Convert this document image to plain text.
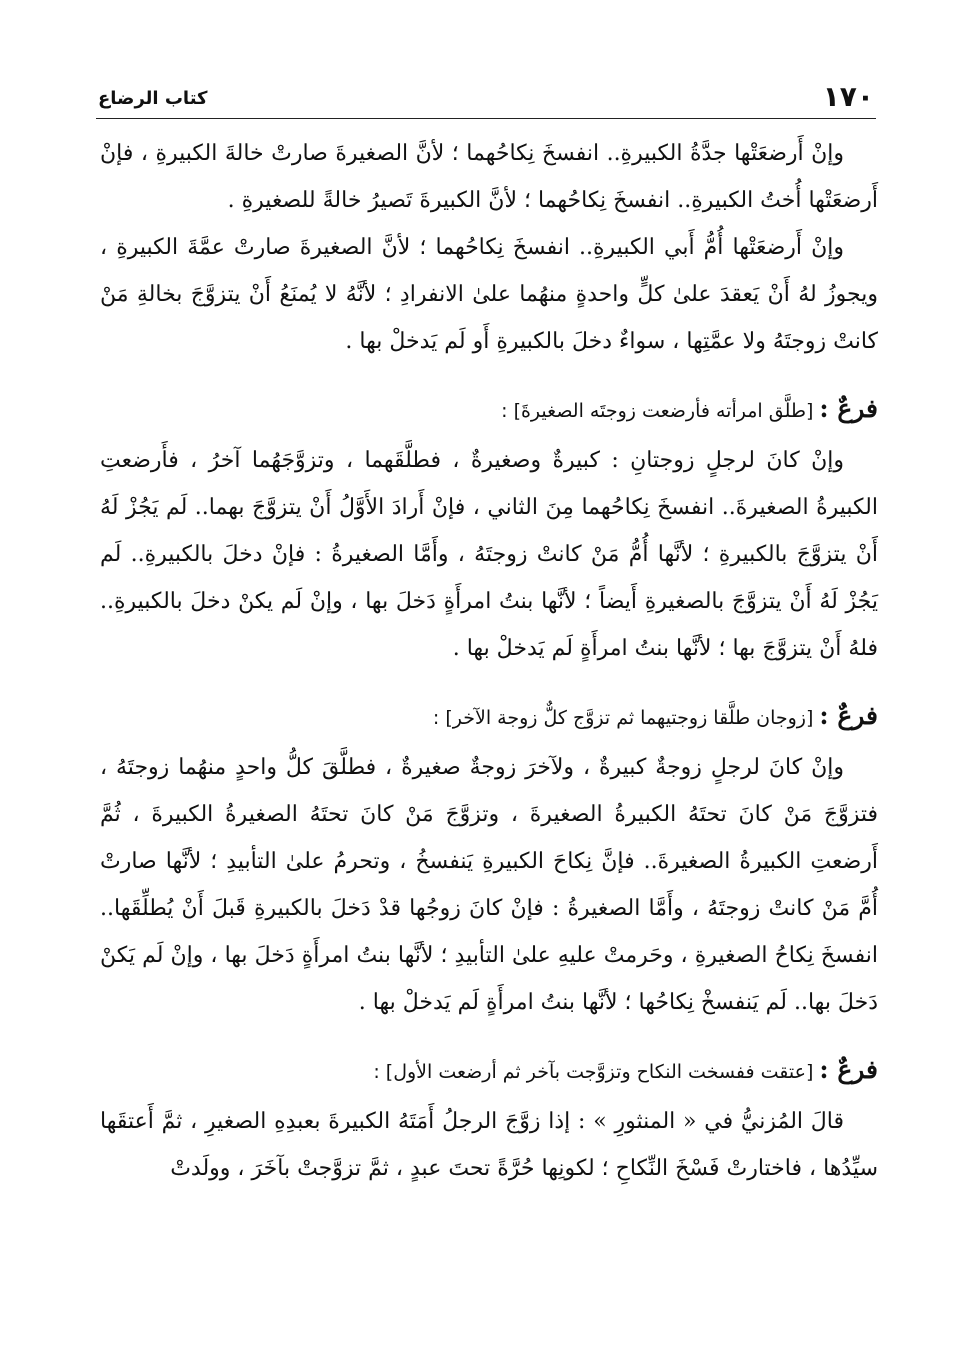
١٧٠
كتاب الرضاع

وإنْ أَرضعَتْها جدَّةُ الكبيرةِ.. انفسخَ نِكاحُهما ؛ لأنَّ الصغيرةَ صارتْ خالةَ الكبيرةِ ، فإنْ أَرضعَتْها أُختُ الكبيرةِ.. انفسخَ نِكاحُهما ؛ لأنَّ الكبيرةَ تَصيرُ خالةً للصغيرةِ .

وإنْ أَرضعَتْها أُمُّ أَبي الكبيرةِ.. انفسخَ نِكاحُهما ؛ لأنَّ الصغيرةَ صارتْ عمَّةَ الكبيرةِ ، ويجوزُ لهُ أَنْ يَعقدَ علىٰ كلٍّ واحدةٍ منهُما علىٰ الانفرادِ ؛ لأنَّهُ لا يُمنَعُ أَنْ يتزوَّجَ بخالةِ مَنْ كانتْ زوجتَهُ ولا عمَّتِها ، سواءٌ دخلَ بالكبيرةِ أَو لَم يَدخلْ بها .

فرعٌ :[طلَّق امرأته فأرضعت زوجتَه الصغيرةَ] :

وإنْ كانَ لرجلٍ زوجتانِ : كبيرةٌ وصغيرةٌ ، فطلَّقَهما ، وتزوَّجَهُما آخرُ ، فأَرضعتِ الكبيرةُ الصغيرةَ.. انفسخَ نِكاحُهما مِنَ الثاني ، فإنْ أَرادَ الأَوَّلُ أَنْ يتزوَّجَ بهما.. لَم يَجُزْ لَهُ أَنْ يتزوَّجَ بالكبيرةِ ؛ لأنَّها أُمُّ مَنْ كانتْ زوجتَهُ ، وأَمَّا الصغيرةُ : فإنْ دخلَ بالكبيرةِ.. لَم يَجُزْ لَهُ أَنْ يتزوَّجَ بالصغيرةِ أَيضاً ؛ لأنَّها بنتُ امرأَةٍ دَخلَ بها ، وإنْ لَم يكنْ دخلَ بالكبيرةِ.. فلهُ أَنْ يتزوَّجَ بها ؛ لأنَّها بنتُ امرأَةٍ لَم يَدخلْ بها .

فرعٌ :[زوجان طلَّقا زوجتيهما ثم تزوَّج كلٌّ زوجة الآخر] :

وإنْ كانَ لرجلٍ زوجةٌ كبيرةٌ ، ولآخرَ زوجةٌ صغيرةٌ ، فطلَّقَ كلُّ واحدٍ منهُما زوجتَهُ ، فتزوَّجَ مَنْ كانَ تحتَهُ الكبيرةُ الصغيرةَ ، وتزوَّجَ مَنْ كانَ تحتَهُ الصغيرةُ الكبيرةَ ، ثُمَّ أَرضعتِ الكبيرةُ الصغيرةَ.. فإنَّ نِكاحَ الكبيرةِ يَنفسخُ ، وتحرمُ علىٰ التأبيدِ ؛ لأنَّها صارتْ أُمَّ مَنْ كانتْ زوجتَهُ ، وأَمَّا الصغيرةُ : فإنْ كانَ زوجُها قدْ دَخلَ بالكبيرةِ قَبلَ أَنْ يُطلِّقَها.. انفسخَ نِكاحُ الصغيرةِ ، وحَرمتْ عليهِ علىٰ التأبيدِ ؛ لأنَّها بنتُ امرأَةٍ دَخلَ بها ، وإنْ لَم يَكنْ دَخلَ بها.. لَم يَنفسخْ نِكاحُها ؛ لأنَّها بنتُ امرأَةٍ لَم يَدخلْ بها .

فرعٌ :[عتقت ففسخت النكاح وتزوَّجت بآخر ثم أرضعت الأول] :

قالَ المُزنيُّ في « المنثورِ » : إذا زوَّجَ الرجلُ أَمَتَهُ الكبيرةَ بعبدِهِ الصغيرِ ، ثمَّ أَعتقَها سيِّدُها ، فاختارتْ فَسْخَ النِّكاحِ ؛ لكونِها حُرَّةً تحتَ عبدٍ ، ثمَّ تزوَّجتْ بآخَرَ ، وولَدتْ
